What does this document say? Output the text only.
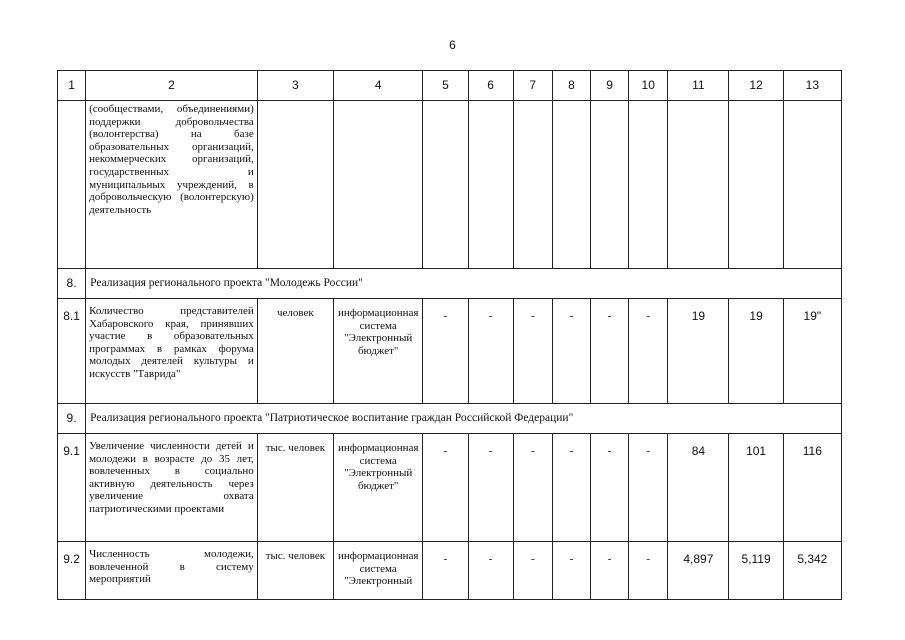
6
1	2	3	4	5	6	7	8	9	10	11	12	13
	(сообществами, объединениями) поддержки добровольчества (волонтерства) на базе образовательных организаций, некоммерческих организаций, государственных и муниципальных учреждений, в добровольческую (волонтерскую) деятельность											
8.	Реализация регионального проекта "Молодежь России"											
8.1	Количество представителей Хабаровского края, принявших участие в образовательных программах в рамках форума молодых деятелей культуры и искусств "Таврида"	человек	информационная система "Электронный бюджет"	-	-	-	-	-	-	19	19	19"
9.	Реализация регионального проекта "Патриотическое воспитание граждан Российской Федерации"											
9.1	Увеличение численности детей и молодежи в возрасте до 35 лет, вовлеченных в социально активную деятельность через увеличение охвата патриотическими проектами	тыс. человек	информационная система "Электронный бюджет"	-	-	-	-	-	-	84	101	116
9.2	Численность молодежи, вовлеченной в систему мероприятий	тыс. человек	информационная система "Электронный	-	-	-	-	-	-	4,897	5,119	5,342
